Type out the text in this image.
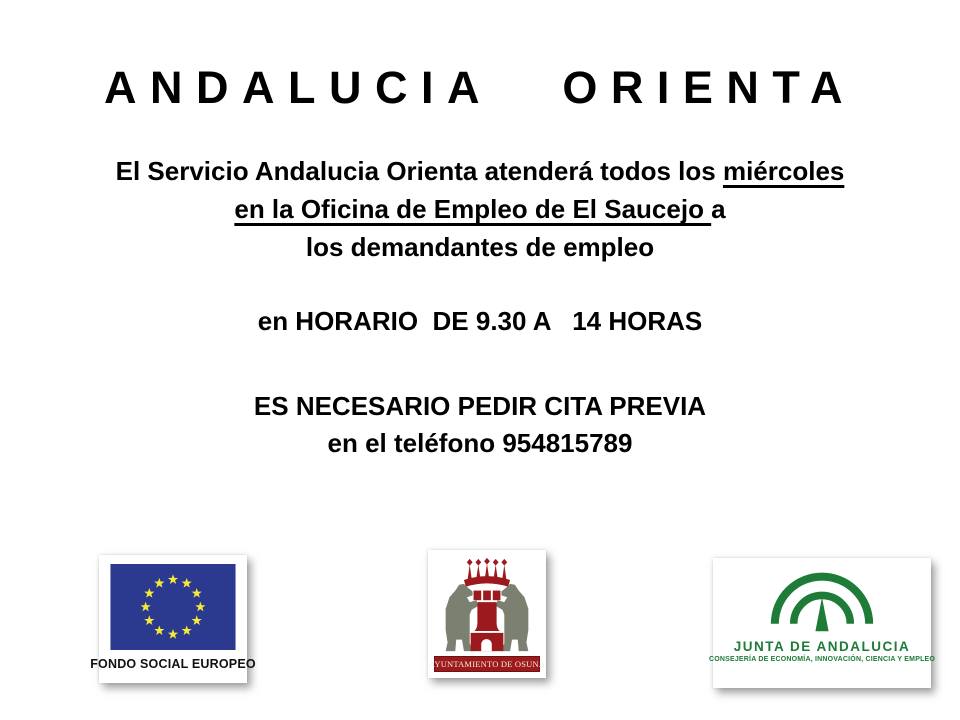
ANDALUCIA ORIENTA
El Servicio Andalucia Orienta atenderá todos los miércoles
en la Oficina de Empleo de El Saucejo a
los demandantes de empleo
en HORARIO  DE 9.30 A   14 HORAS
ES NECESARIO PEDIR CITA PREVIA
en el teléfono 954815789
FONDO SOCIAL EUROPEO	AYUNTAMIENTO DE OSUNA
JUNTA DE ANDALUCIA
CONSEJERÍA DE ECONOMÍA, INNOVACIÓN, CIENCIA Y EMPLEO
